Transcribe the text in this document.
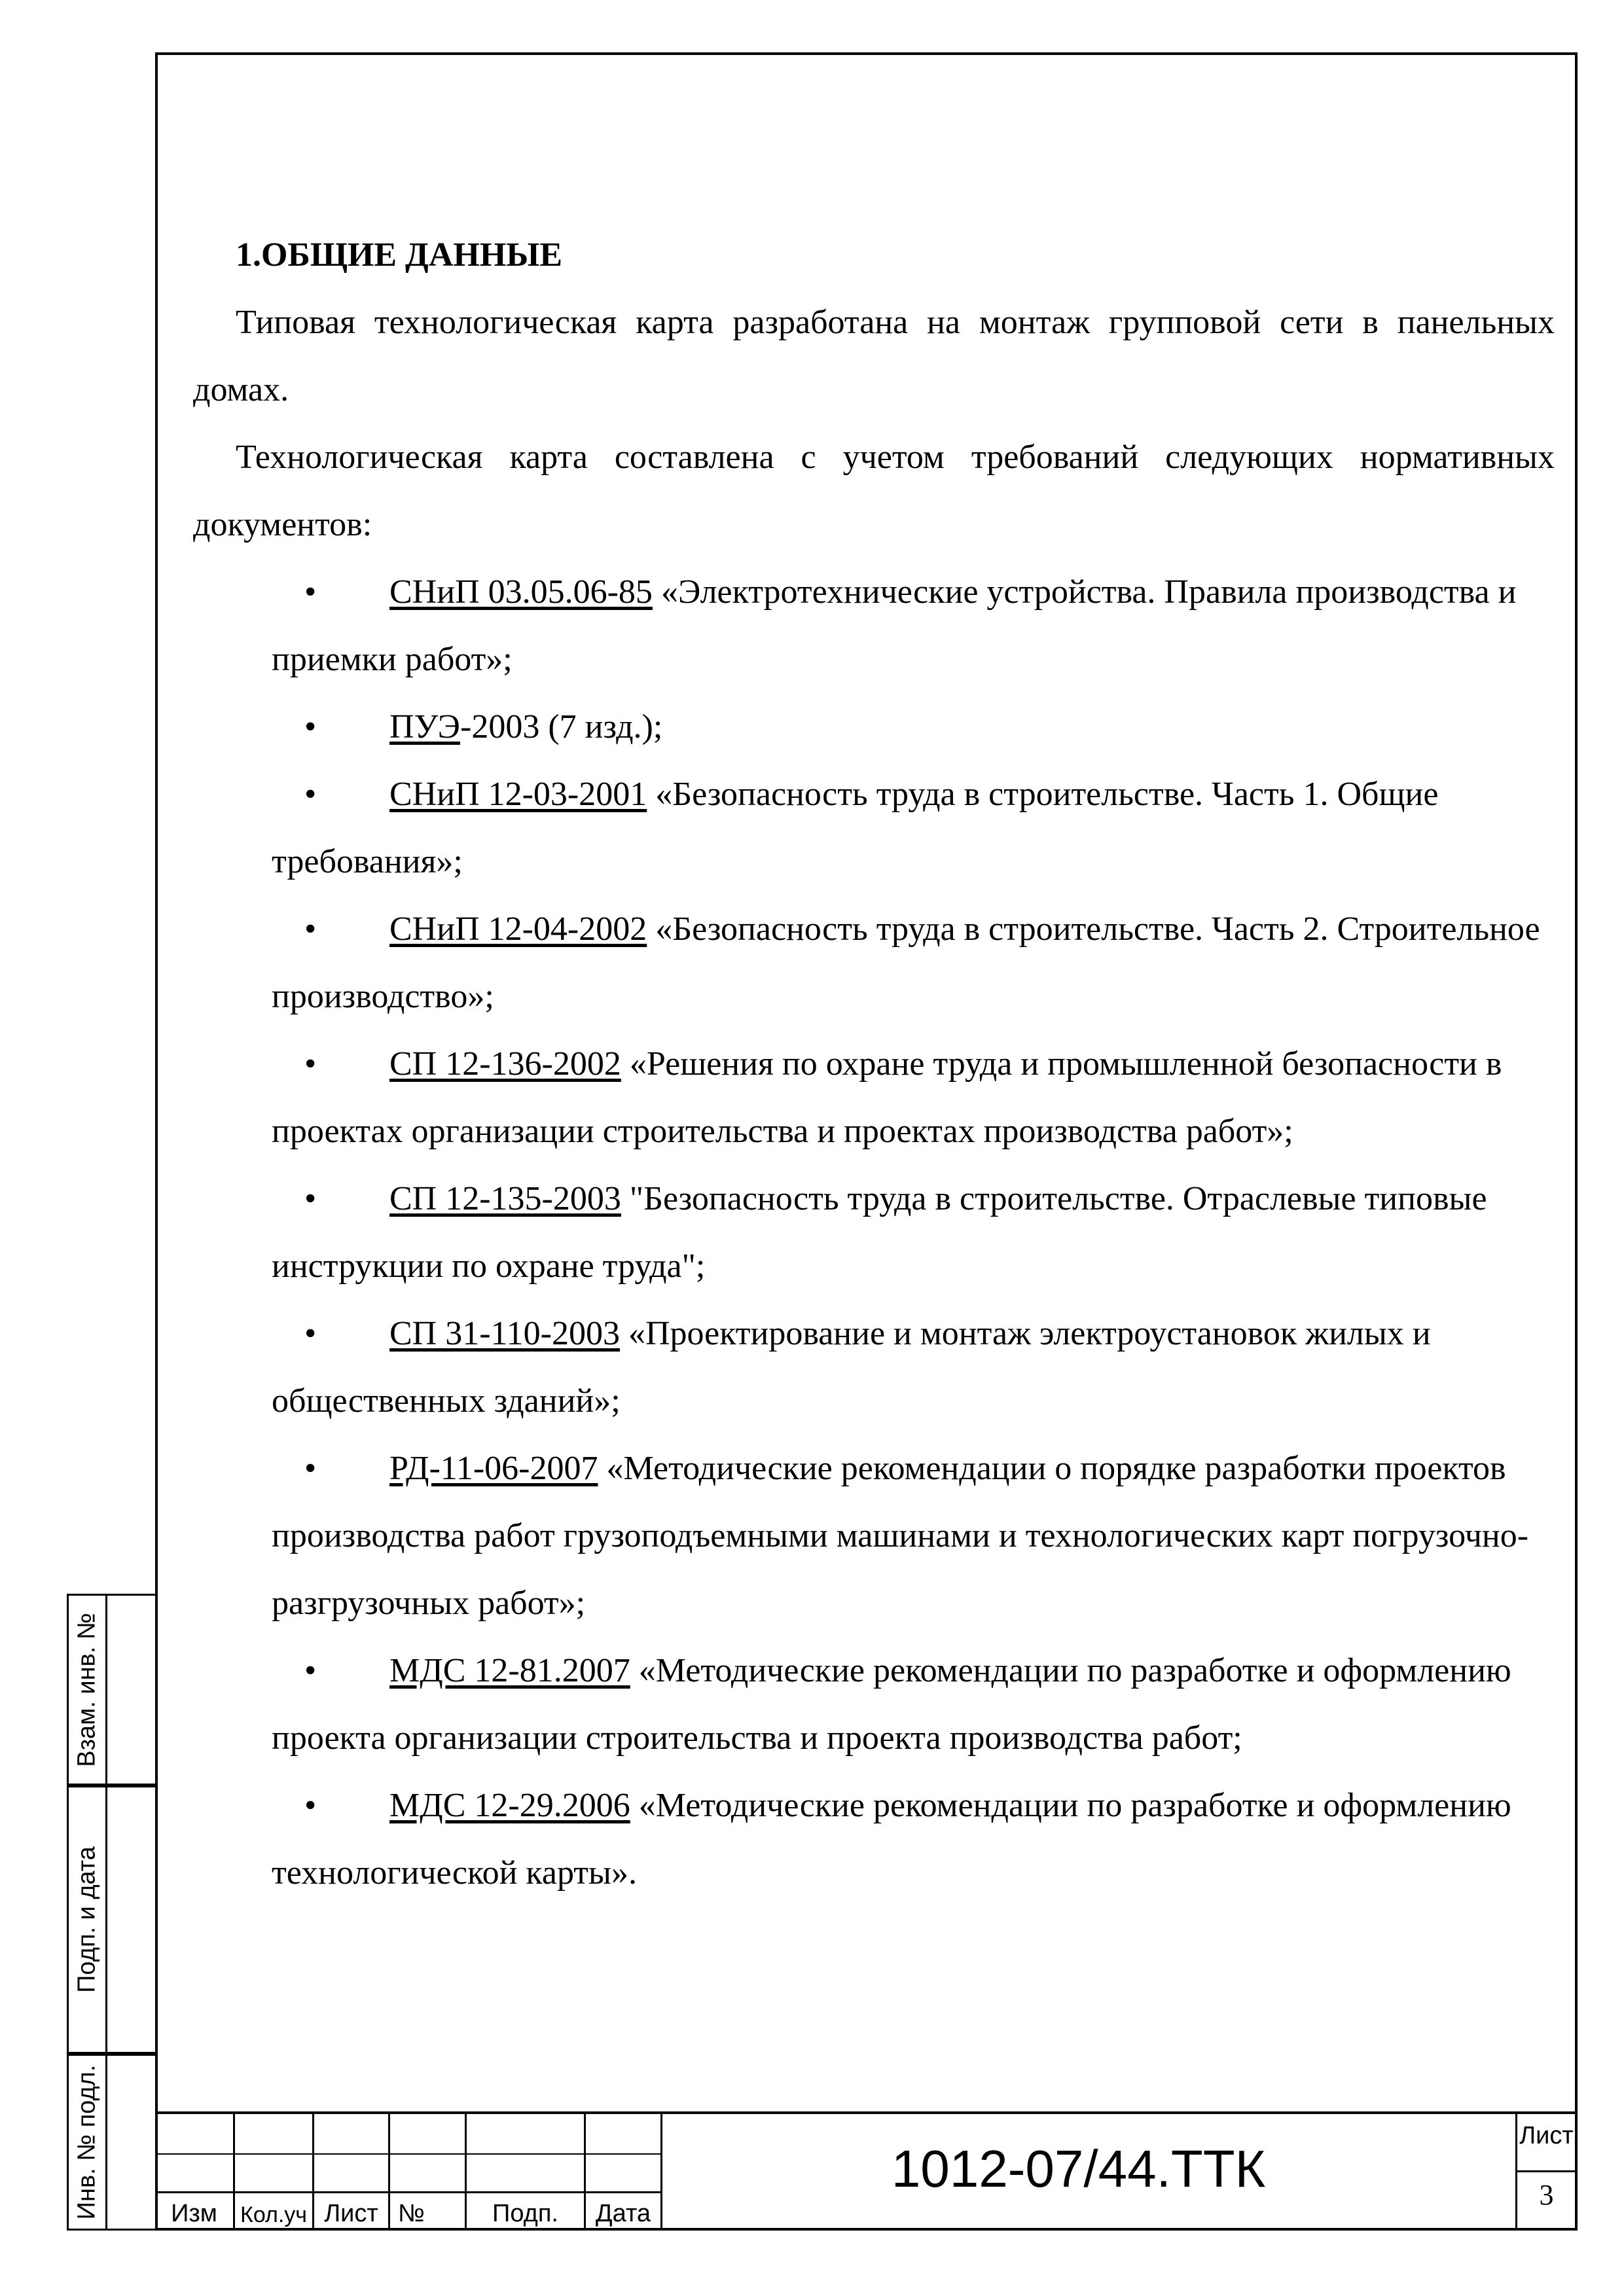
Взам. инв. №
Подп. и дата
Инв. № подл.
1.ОБЩИЕ ДАННЫЕ
Типовая технологическая карта разработана на монтаж групповой сети в панельных домах.
Технологическая карта составлена с учетом требований следующих нормативных документов:
•	СНиП 03.05.06-85 «Электротехнические устройства. Правила производства и приемки работ»;
•	ПУЭ-2003 (7 изд.);
•	СНиП 12-03-2001 «Безопасность труда в строительстве. Часть 1. Общие требования»;
•	СНиП 12-04-2002 «Безопасность труда в строительстве. Часть 2. Строительное производство»;
•	СП 12-136-2002 «Решения по охране труда и промышленной безопасности в проектах организации строительства и проектах производства работ»;
•	СП 12-135-2003 "Безопасность труда в строительстве. Отраслевые типовые инструкции по охране труда";
•	СП 31-110-2003 «Проектирование и монтаж электроустановок жилых и общественных зданий»;
•	РД-11-06-2007 «Методические рекомендации о порядке разработки проектов производства работ грузоподъемными машинами и технологических карт погрузочно-разгрузочных работ»;
•	МДС 12-81.2007 «Методические рекомендации по разработке и оформлению проекта организации строительства и проекта производства работ;
•	МДС 12-29.2006 «Методические рекомендации по разработке и оформлению технологической карты».
Изм	Кол.уч Лист №	Подп.	Дата
1012-07/44.ТТК
Лист
3
